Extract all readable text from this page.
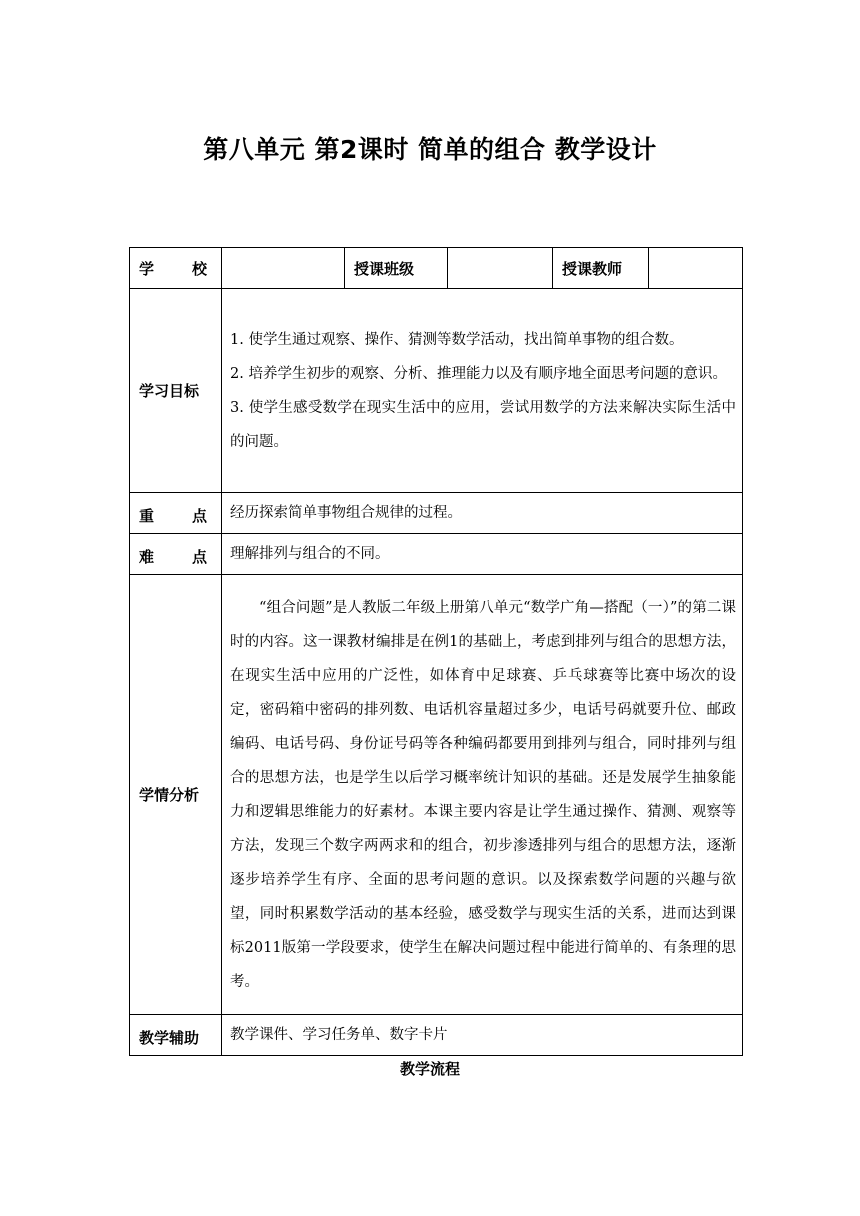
第八单元 第2课时 简单的组合 教学设计
学 校		授课班级		授课教师	
学习目标	1. 使学生通过观察、操作、猜测等数学活动，找出简单事物的组合数。

2. 培养学生初步的观察、分析、推理能力以及有顺序地全面思考问题的意识。

3. 使学生感受数学在现实生活中的应用，尝试用数学的方法来解决实际生活中的问题。				

重 点	经历探索简单事物组合规律的过程。				

难 点	理解排列与组合的不同。				
学情分析	“组合问题”是人教版二年级上册第八单元“数学广角—搭配（一）”的第二课时的内容。这一课教材编排是在例1的基础上，考虑到排列与组合的思想方法，在现实生活中应用的广泛性，如体育中足球赛、乒乓球赛等比赛中场次的设定，密码箱中密码的排列数、电话机容量超过多少，电话号码就要升位、邮政编码、电话号码、身份证号码等各种编码都要用到排列与组合，同时排列与组合的思想方法，也是学生以后学习概率统计知识的基础。还是发展学生抽象能力和逻辑思维能力的好素材。本课主要内容是让学生通过操作、猜测、观察等方法，发现三个数字两两求和的组合，初步渗透排列与组合的思想方法，逐渐逐步培养学生有序、全面的思考问题的意识。以及探索数学问题的兴趣与欲望，同时积累数学活动的基本经验，感受数学与现实生活的关系，进而达到课标2011版第一学段要求，使学生在解决问题过程中能进行简单的、有条理的思考。				

教学辅助	教学课件、学习任务单、数字卡片				
教学流程
